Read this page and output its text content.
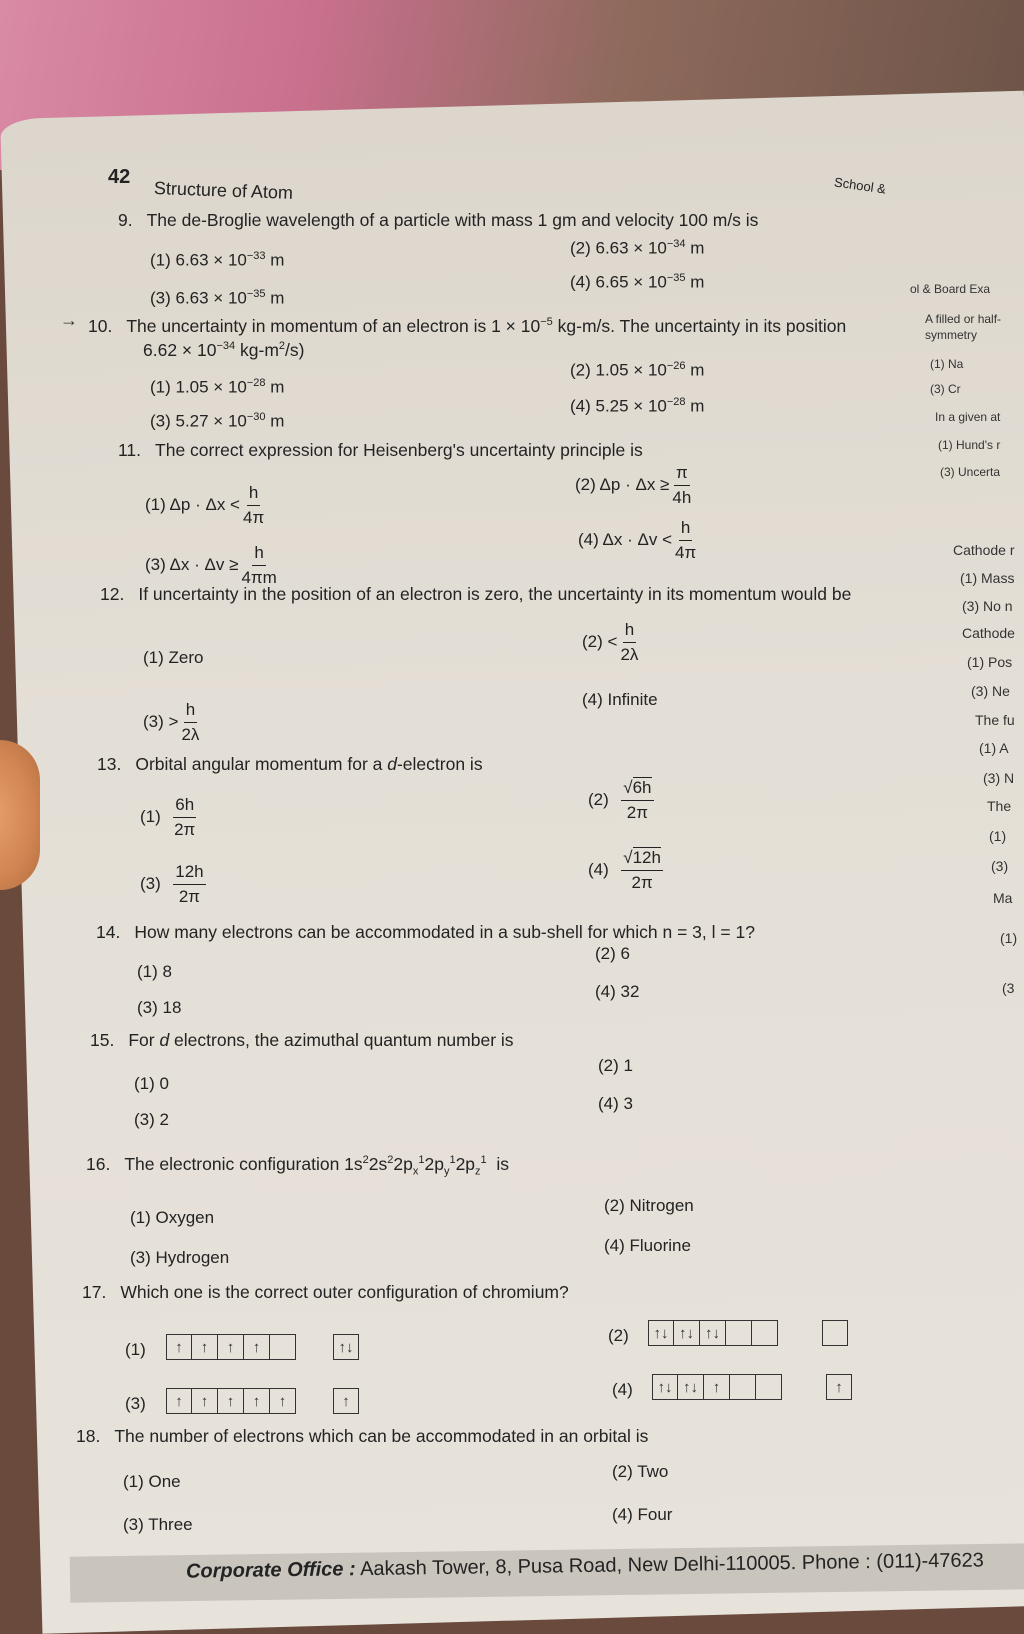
42
Structure of Atom	School &
9. The de-Broglie wavelength of a particle with mass 1 gm and velocity 100 m/s is
(1) $6.63 \times 10^{-33}$ m
(2) $6.63 \times 10^{-34}$ m
(3) $6.63 \times 10^{-35}$ m
(4) $6.65 \times 10^{-35}$ m
→ 10. The uncertainty in momentum of an electron is $1 \times 10^{-5}$ kg-m/s. The uncertainty in its position
$6.62 \times 10^{-34}$ $kg-m^2/s$)
(1) $1.05 \times 10^{-28}$ m
(2) $1.05 \times 10^{-26}$ m
(3) $5.27 \times 10^{-30}$ m
(4) $5.25 \times 10^{-28}$ m
11. The correct expression for Heisenberg's uncertainty principle is
(1) $\Delta p \cdot \Delta x < \frac{h}{4\pi}$	(2) $\Delta p \cdot \Delta x \ge \frac{\pi}{4h}$
(3) $\Delta x \cdot \Delta v \ge \frac{h}{4\pi m}$
(4) $\Delta x \cdot \Delta v < \frac{h}{4\pi}$
12. If uncertainty in the position of an electron is zero, the uncertainty in its momentum would be
(1) Zero
$(2) < \frac{h}{2\lambda}$
$(3) > \frac{h}{2\lambda}$
(4) Infinite
13. Orbital angular momentum for a d-electron is
$(1) \frac{6h}{2\pi}$	$(2) \frac{√6h}{2\pi}$
$(3) \frac{12h}{2\pi}$	$(4) \frac{√12h}{2\pi}$
14. How many electrons can be accommodated in a sub-shell for which n = 3, l = 1?
(1) 8
(2) 6
(3) 18
(4) 32
15. For d electrons, the azimuthal quantum number is
(1) 0
(2) 1
(3) 2
(4) 3
16. The electronic configuration $1s^22s^22p_x^12p_y^12p_z^1$ is
(1) Oxygen
(2) Nitrogen
(3) Hydrogen
(4) Fluorine
17. Which one is the correct outer configuration of chromium?
(1)	↑	↑	↑	↑	↑↓
(2)	↑↓ ↑↓ ↑↓
(3)	↑	↑	↑	↑	↑	↑
(4)	↑↓ ↑↓ ↑	↑
18. The number of electrons which can be accommodated in an orbital is
(1) One
(2) Two
(3) Three
(4) Four
ol & Board Exa
A filled or half-
symmetry
(1) Na
(3) Cr
In a given at
(1) Hund's r
(3) Uncerta
Cathode r
(1) Mass
(3) No n
Cathode
(1) Pos
(3) Ne
The fu
(1) A
(3) N
The
(1)
(3)
Ma
(1)
(3
Corporate Office : Aakash Tower, 8, Pusa Road, New Delhi-110005. Phone : (011)-47623
